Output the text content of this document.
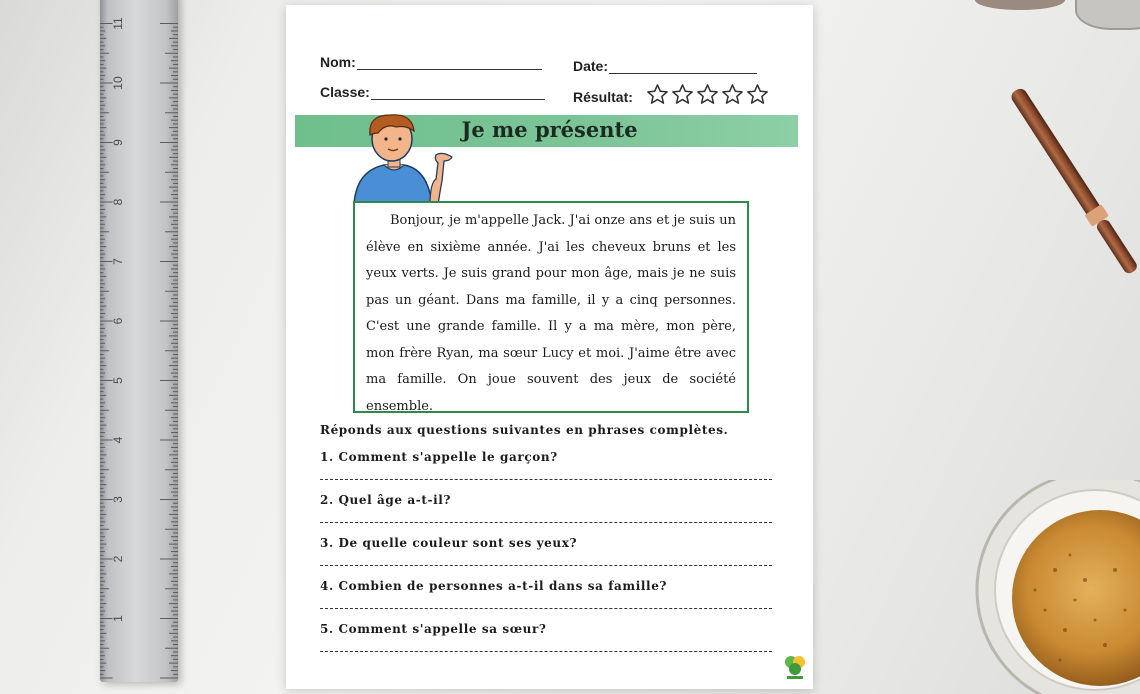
1
2
3
4
5
6
7
8
9
10
11
Nom:	Date:
Classe:	Résultat:
Je me présente

Bonjour, je m'appelle Jack. J'ai onze ans et je suis un élève en sixième année. J'ai les cheveux bruns et les yeux verts. Je suis grand pour mon âge, mais je ne suis pas un géant. Dans ma famille, il y a cinq personnes. C'est une grande famille. Il y a ma mère, mon père, mon frère Ryan, ma sœur Lucy et moi. J'aime être avec ma famille. On joue souvent des jeux de société ensemble.

Réponds aux questions suivantes en phrases complètes.
1. Comment s'appelle le garçon?
2. Quel âge a-t-il?
3. De quelle couleur sont ses yeux?
4. Combien de personnes a-t-il dans sa famille?
5. Comment s'appelle sa sœur?
